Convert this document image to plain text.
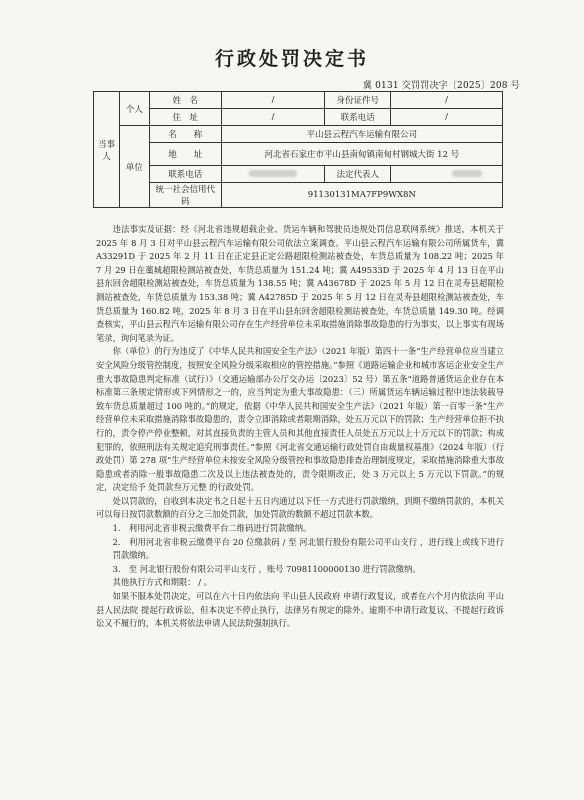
行政处罚决定书
冀 0131 交罚罚决字〔2025〕208 号
当事人	个人	姓　名	/	身份证件号	/
		住　址	/	联系电话	/
	单位	名　　称	平山县云程汽车运输有限公司		
		地　　址	河北省石家庄市平山县南甸镇南甸村钢城大街 12 号		
		联系电话		法定代表人	
		统一社会信用代码	91130131MA7FP9WX8N		

违法事实及证据：经《河北省违规超载企业、货运车辆和驾驶员违规处罚信息联网系统》推送，本机关于 2025 年 8 月 3 日对平山县云程汽车运输有限公司依法立案调查。平山县云程汽车运输有限公司所属货车，冀 A33291D 于 2025 年 2 月 11 日在正定县正定公路超限检测站被查处，车货总质量为 108.22 吨；2025 年 7 月 29 日在藁城超限检测站被查处，车货总质量为 151.24 吨；冀 A49533D 于 2025 年 4 月 13 日在平山县东回舍超限检测站被查处，车货总质量为 138.55 吨；冀 A43678D 于 2025 年 5 月 12 日在灵寿县超限检测站被查处，车货总质量为 153.38 吨；冀 A42785D 于 2025 年 5 月 12 日在灵寿县超限检测站被查处，车货总质量为 160.82 吨，2025 年 8 月 3 日在平山县东回舍超限检测站被查处，车货总质量 149.30 吨。经调查核实，平山县云程汽车运输有限公司存在生产经营单位未采取措施消除事故隐患的行为事实，以上事实有现场笔录，询问笔录为证。

你（单位）的行为违反了《中华人民共和国安全生产法》（2021 年版）第四十一条“生产经营单位应当建立安全风险分级管控制度，按照安全风险分级采取相应的管控措施。”参照《道路运输企业和城市客运企业安全生产重大事故隐患判定标准（试行）》（交通运输部办公厅交办运〔2023〕52 号）第五条“道路普通货运企业存在本标准第三条规定情形或下列情形之一的，应当判定为重大事故隐患：（三）所属货运车辆运输过程中违法装载导致车货总质量超过 100 吨的。”的规定，依据《中华人民共和国安全生产法》（2021 年版）第一百零一条“生产经营单位未采取措施消除事故隐患的，责令立即消除或者限期消除，处五万元以下的罚款；生产经营单位拒不执行的，责令停产停业整顿，对其直接负责的主管人员和其他直接责任人员处五万元以上十万元以下的罚款；构成犯罪的，依照刑法有关规定追究刑事责任。”参照《河北省交通运输行政处罚自由裁量权基准》（2024 年版）（行政处罚）第 278 项“生产经营单位未按安全风险分级管控和事故隐患排查治理制度规定，采取措施消除重大事故隐患或者消除一般事故隐患二次及以上违法被查处的，责令限期改正，处 3 万元以上 5 万元以下罚款。”的规定，决定给予 处罚款叁万元整 的行政处罚。

处以罚款的，自收到本决定书之日起十五日内通过以下任一方式进行罚款缴纳，到期不缴纳罚款的，本机关可以每日按罚款数额的百分之三加处罚款，加处罚款的数额不超过罚款本数。

1.　利用河北省非税云缴费平台二维码进行罚款缴纳。

2.　利用河北省非税云缴费平台 20 位缴款码 / 至 河北银行股份有限公司平山支行 ，进行线上或线下进行罚款缴纳。

3.　至 河北银行股份有限公司平山支行 ，账号 70981100000130 进行罚款缴纳。

其他执行方式和期限： / 。

如果不服本处罚决定，可以在六十日内依法向 平山县人民政府 申请行政复议，或者在六个月内依法向 平山县人民法院 提起行政诉讼，但本决定不停止执行，法律另有规定的除外。逾期不申请行政复议、不提起行政诉讼又不履行的，本机关将依法申请人民法院强制执行。
